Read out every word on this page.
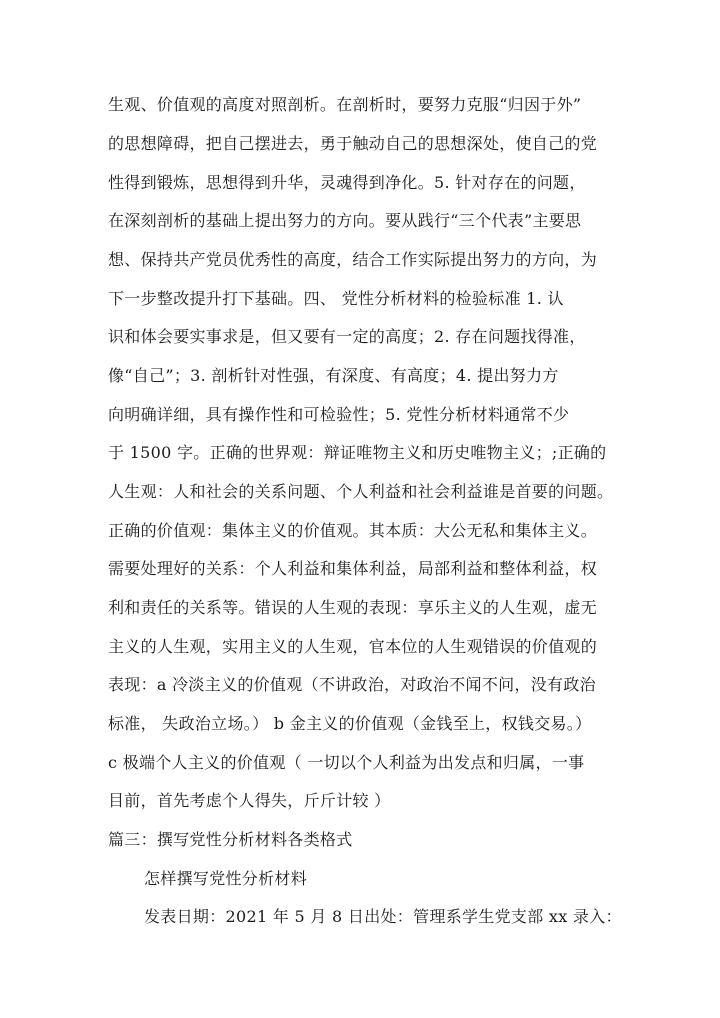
生观、价值观的高度对照剖析。在剖析时，要努力克服“归因于外”
的思想障碍，把自己摆进去，勇于触动自己的思想深处，使自己的党
性得到锻炼，思想得到升华，灵魂得到净化。5. 针对存在的问题，
在深刻剖析的基础上提出努力的方向。要从践行“三个代表”主要思
想、保持共产党员优秀性的高度，结合工作实际提出努力的方向，为
下一步整改提升打下基础。四、 党性分析材料的检验标准 1. 认
识和体会要实事求是，但又要有一定的高度；2. 存在问题找得准，
像“自己”；3. 剖析针对性强，有深度、有高度；4. 提出努力方
向明确详细，具有操作性和可检验性；5. 党性分析材料通常不少
于 1500 字。正确的世界观：辩证唯物主义和历史唯物主义；;正确的
人生观：人和社会的关系问题、个人利益和社会利益谁是首要的问题。
正确的价值观：集体主义的价值观。其本质：大公无私和集体主义。
需要处理好的关系：个人利益和集体利益，局部利益和整体利益，权
利和责任的关系等。错误的人生观的表现：享乐主义的人生观，虚无
主义的人生观，实用主义的人生观，官本位的人生观错误的价值观的
表现：a 冷淡主义的价值观（不讲政治，对政治不闻不问，没有政治
标准， 失政治立场。） b 金主义的价值观（金钱至上，权钱交易。）
c 极端个人主义的价值观（ 一切以个人利益为出发点和归属，一事
目前，首先考虑个人得失，斤斤计较 ）
篇三：撰写党性分析材料各类格式
怎样撰写党性分析材料
发表日期：2021 年 5 月 8 日出处：管理系学生党支部 xx 录入：
